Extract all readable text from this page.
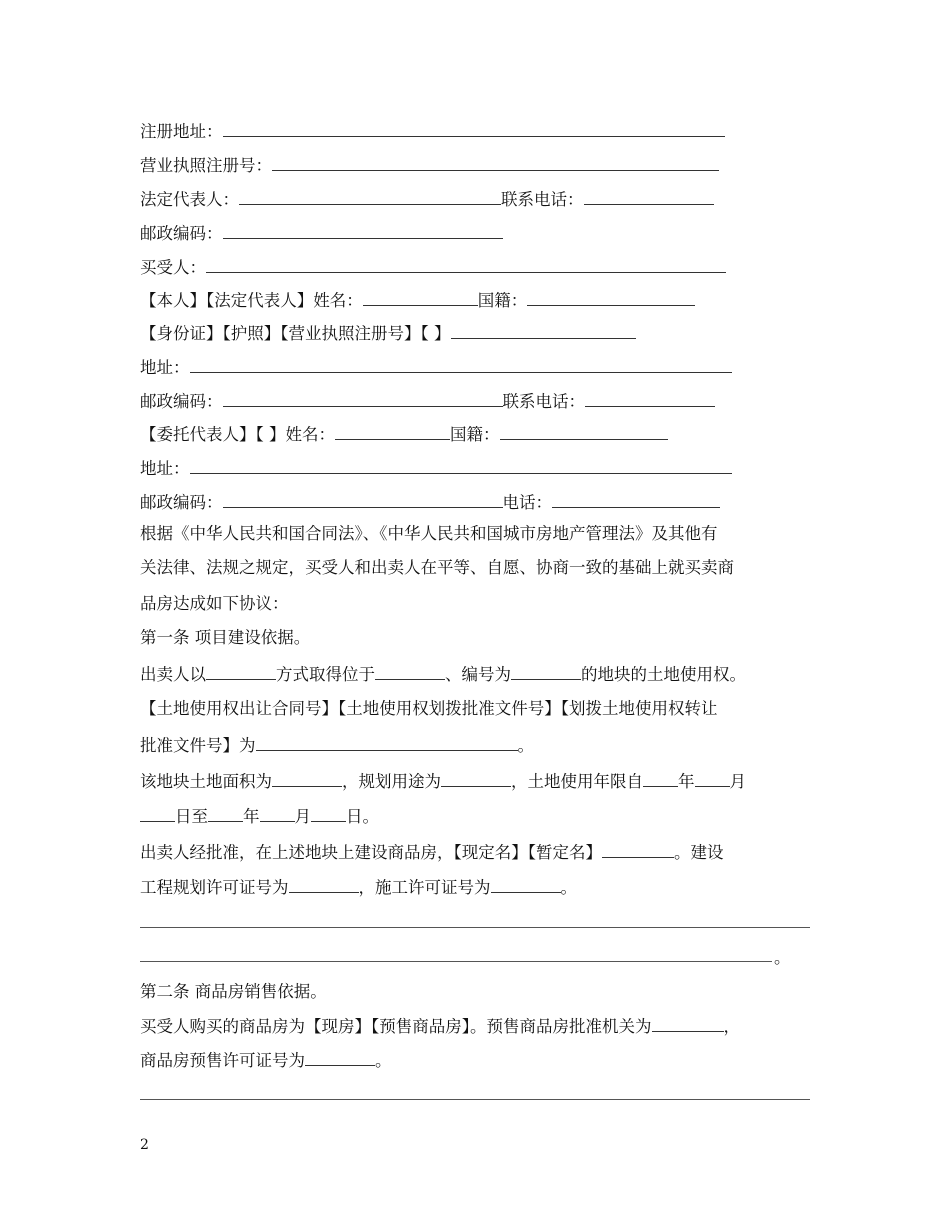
注册地址：
营业执照注册号：
法定代表人：	联系电话：
邮政编码：
买受人：
【本人】【法定代表人】姓名：	国籍：
【身份证】【护照】【营业执照注册号】【 】
地址：
邮政编码：	联系电话：
【委托代表人】【 】姓名：	国籍：
地址：
邮政编码：	电话：
根据《中华人民共和国合同法》、《中华人民共和国城市房地产管理法》及其他有
关法律、法规之规定，买受人和出卖人在平等、自愿、协商一致的基础上就买卖商
品房达成如下协议：
第一条 项目建设依据。
出卖人以	方式取得位于	、编号为	的地块的土地使用权。
【土地使用权出让合同号】【土地使用权划拨批准文件号】【划拨土地使用权转让
批准文件号】为	。
该地块土地面积为	，规划用途为	，土地使用年限自 年 月
日至 年 月 日。
出卖人经批准，在上述地块上建设商品房，【现定名】【暂定名】	。建设
工程规划许可证号为	，施工许可证号为	。
。
第二条 商品房销售依据。
买受人购买的商品房为【现房】【预售商品房】。预售商品房批准机关为	，
商品房预售许可证号为	。
2
